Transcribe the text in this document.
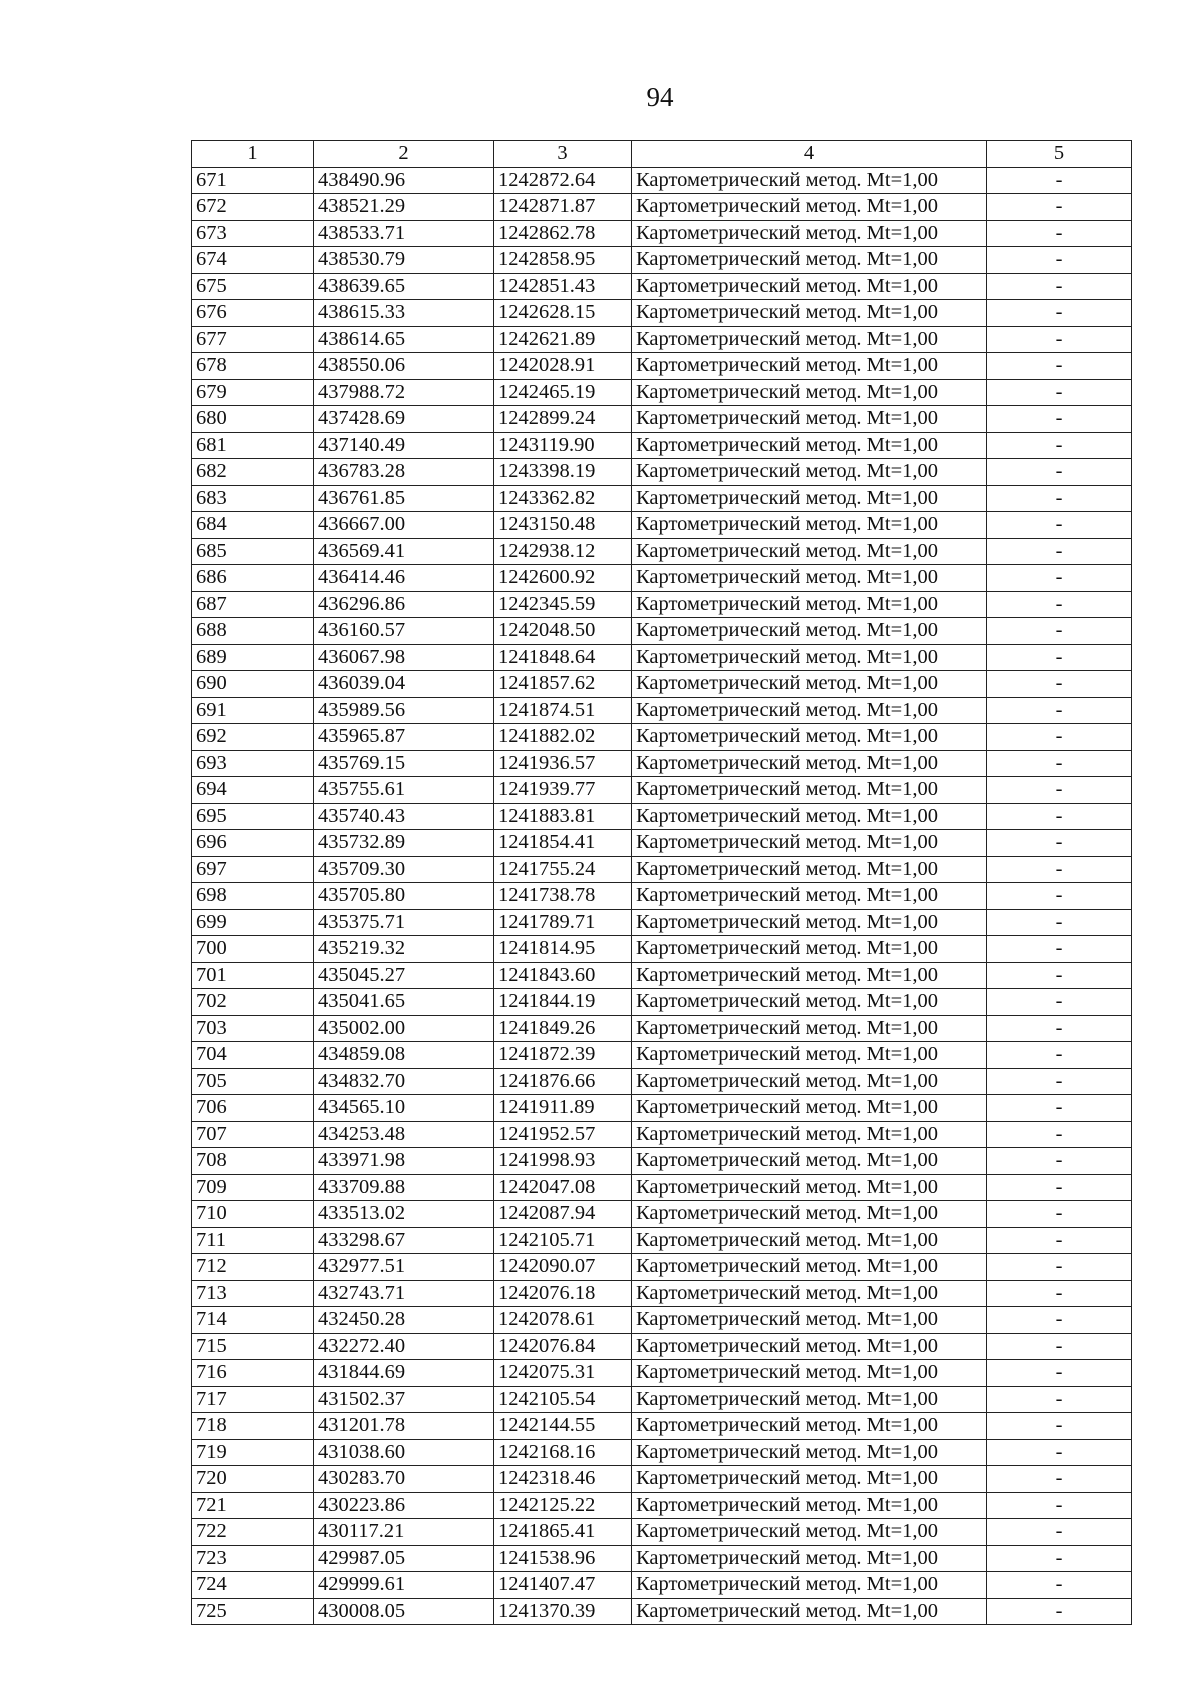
94
1	2	3	4	5
671	438490.96	1242872.64	Картометрический метод. Mt=1,00	-
672	438521.29	1242871.87	Картометрический метод. Mt=1,00	-
673	438533.71	1242862.78	Картометрический метод. Mt=1,00	-
674	438530.79	1242858.95	Картометрический метод. Mt=1,00	-
675	438639.65	1242851.43	Картометрический метод. Mt=1,00	-
676	438615.33	1242628.15	Картометрический метод. Mt=1,00	-
677	438614.65	1242621.89	Картометрический метод. Mt=1,00	-
678	438550.06	1242028.91	Картометрический метод. Mt=1,00	-
679	437988.72	1242465.19	Картометрический метод. Mt=1,00	-
680	437428.69	1242899.24	Картометрический метод. Mt=1,00	-
681	437140.49	1243119.90	Картометрический метод. Mt=1,00	-
682	436783.28	1243398.19	Картометрический метод. Mt=1,00	-
683	436761.85	1243362.82	Картометрический метод. Mt=1,00	-
684	436667.00	1243150.48	Картометрический метод. Mt=1,00	-
685	436569.41	1242938.12	Картометрический метод. Mt=1,00	-
686	436414.46	1242600.92	Картометрический метод. Mt=1,00	-
687	436296.86	1242345.59	Картометрический метод. Mt=1,00	-
688	436160.57	1242048.50	Картометрический метод. Mt=1,00	-
689	436067.98	1241848.64	Картометрический метод. Mt=1,00	-
690	436039.04	1241857.62	Картометрический метод. Mt=1,00	-
691	435989.56	1241874.51	Картометрический метод. Mt=1,00	-
692	435965.87	1241882.02	Картометрический метод. Mt=1,00	-
693	435769.15	1241936.57	Картометрический метод. Mt=1,00	-
694	435755.61	1241939.77	Картометрический метод. Mt=1,00	-
695	435740.43	1241883.81	Картометрический метод. Mt=1,00	-
696	435732.89	1241854.41	Картометрический метод. Mt=1,00	-
697	435709.30	1241755.24	Картометрический метод. Mt=1,00	-
698	435705.80	1241738.78	Картометрический метод. Mt=1,00	-
699	435375.71	1241789.71	Картометрический метод. Mt=1,00	-
700	435219.32	1241814.95	Картометрический метод. Mt=1,00	-
701	435045.27	1241843.60	Картометрический метод. Mt=1,00	-
702	435041.65	1241844.19	Картометрический метод. Mt=1,00	-
703	435002.00	1241849.26	Картометрический метод. Mt=1,00	-
704	434859.08	1241872.39	Картометрический метод. Mt=1,00	-
705	434832.70	1241876.66	Картометрический метод. Mt=1,00	-
706	434565.10	1241911.89	Картометрический метод. Mt=1,00	-
707	434253.48	1241952.57	Картометрический метод. Mt=1,00	-
708	433971.98	1241998.93	Картометрический метод. Mt=1,00	-
709	433709.88	1242047.08	Картометрический метод. Mt=1,00	-
710	433513.02	1242087.94	Картометрический метод. Mt=1,00	-
711	433298.67	1242105.71	Картометрический метод. Mt=1,00	-
712	432977.51	1242090.07	Картометрический метод. Mt=1,00	-
713	432743.71	1242076.18	Картометрический метод. Mt=1,00	-
714	432450.28	1242078.61	Картометрический метод. Mt=1,00	-
715	432272.40	1242076.84	Картометрический метод. Mt=1,00	-
716	431844.69	1242075.31	Картометрический метод. Mt=1,00	-
717	431502.37	1242105.54	Картометрический метод. Mt=1,00	-
718	431201.78	1242144.55	Картометрический метод. Mt=1,00	-
719	431038.60	1242168.16	Картометрический метод. Mt=1,00	-
720	430283.70	1242318.46	Картометрический метод. Mt=1,00	-
721	430223.86	1242125.22	Картометрический метод. Mt=1,00	-
722	430117.21	1241865.41	Картометрический метод. Mt=1,00	-
723	429987.05	1241538.96	Картометрический метод. Mt=1,00	-
724	429999.61	1241407.47	Картометрический метод. Mt=1,00	-
725	430008.05	1241370.39	Картометрический метод. Mt=1,00	-
